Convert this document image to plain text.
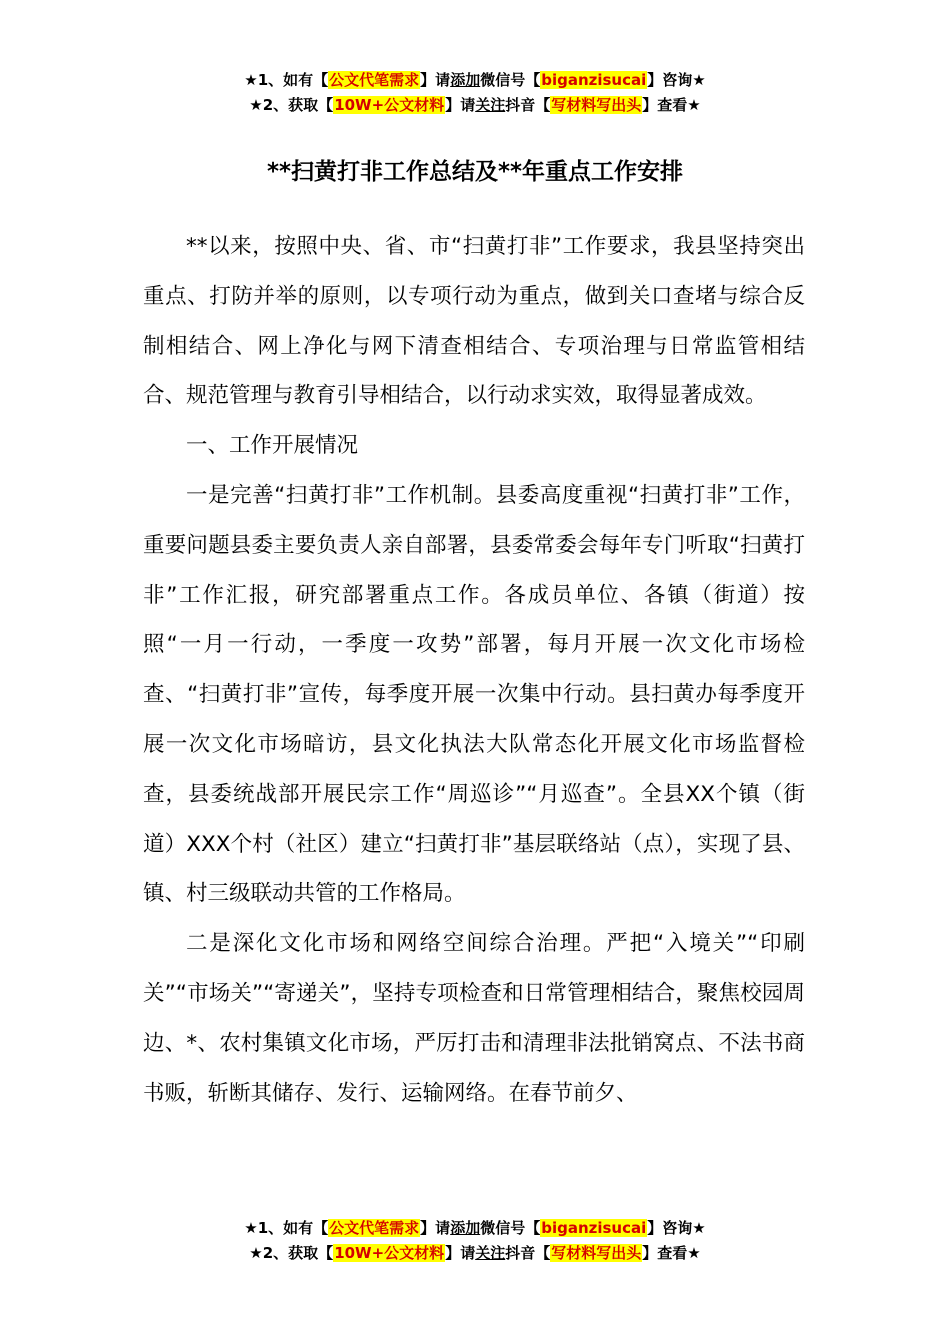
★1、如有【公文代笔需求】请添加微信号【biganzisucai】咨询★
★2、获取【10W+公文材料】请关注抖音【写材料写出头】查看★
**扫黄打非工作总结及**年重点工作安排

**以来，按照中央、省、市“扫黄打非”工作要求，我县坚持突出重点、打防并举的原则，以专项行动为重点，做到关口查堵与综合反制相结合、网上净化与网下清查相结合、专项治理与日常监管相结合、规范管理与教育引导相结合，以行动求实效，取得显著成效。

一、工作开展情况

一是完善“扫黄打非”工作机制。县委高度重视“扫黄打非”工作，重要问题县委主要负责人亲自部署，县委常委会每年专门听取“扫黄打非”工作汇报，研究部署重点工作。各成员单位、各镇（街道）按照“一月一行动，一季度一攻势”部署，每月开展一次文化市场检查、“扫黄打非”宣传，每季度开展一次集中行动。县扫黄办每季度开展一次文化市场暗访，县文化执法大队常态化开展文化市场监督检查，县委统战部开展民宗工作“周巡诊”“月巡查”。全县XX个镇（街道）XXX个村（社区）建立“扫黄打非”基层联络站（点），实现了县、镇、村三级联动共管的工作格局。

二是深化文化市场和网络空间综合治理。严把“入境关”“印刷关”“市场关”“寄递关”，坚持专项检查和日常管理相结合，聚焦校园周边、*、农村集镇文化市场，严厉打击和清理非法批销窝点、不法书商书贩，斩断其储存、发行、运输网络。在春节前夕、

★1、如有【公文代笔需求】请添加微信号【biganzisucai】咨询★
★2、获取【10W+公文材料】请关注抖音【写材料写出头】查看★
